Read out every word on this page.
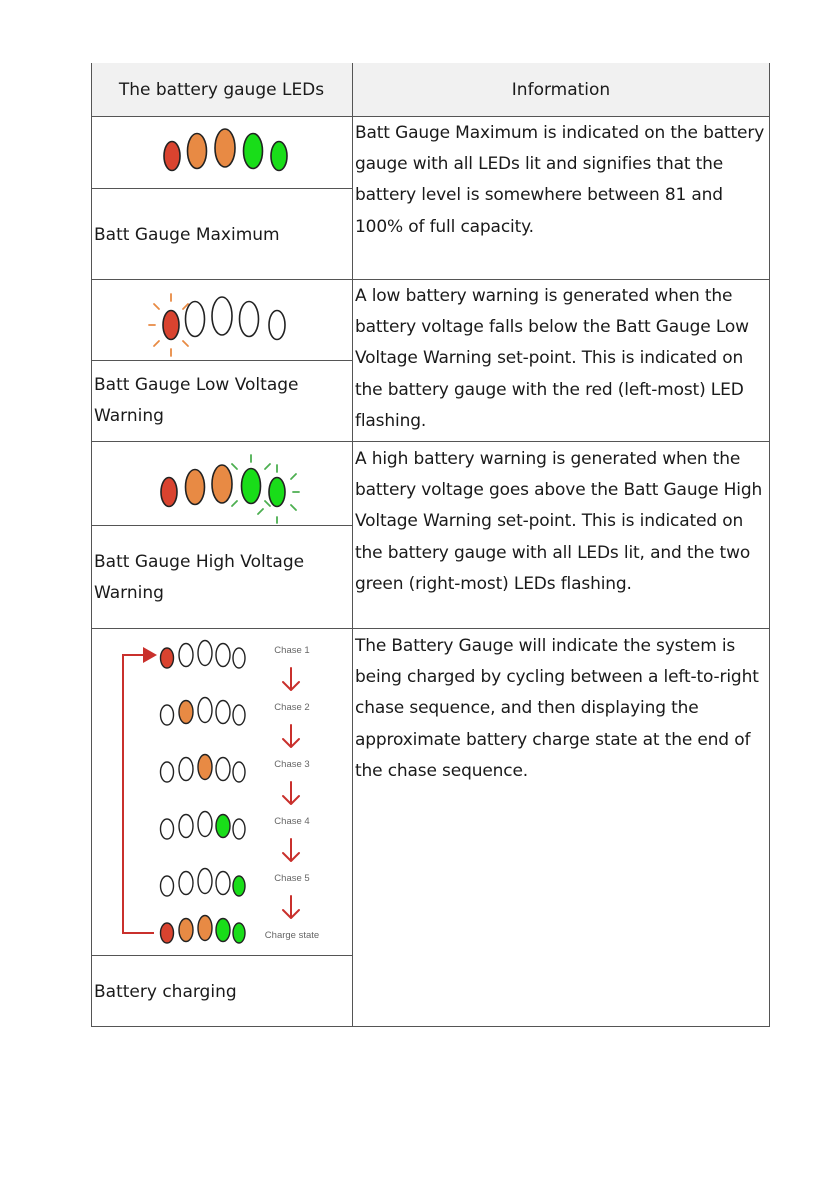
The battery gauge LEDs	Information
Batt Gauge Maximum
Batt Gauge Maximum is indicated on the battery gauge with all LEDs lit and signifies that the battery level is somewhere between 81 and 100% of full capacity.
Batt Gauge Low Voltage Warning
A low battery warning is generated when the battery voltage falls below the Batt Gauge Low Voltage Warning set-point. This is indicated on the battery gauge with the red (left-most) LED flashing.
Batt Gauge High Voltage Warning
A high battery warning is generated when the battery voltage goes above the Batt Gauge High Voltage Warning set-point. This is indicated on the battery gauge with all LEDs lit, and the two green (right-most) LEDs flashing.
Chase 1
Chase 2
Chase 3
Chase 4
Chase 5
Charge state
Battery charging
The Battery Gauge will indicate the system is being charged by cycling between a left-to-right chase sequence, and then displaying the approximate battery charge state at the end of the chase sequence.
